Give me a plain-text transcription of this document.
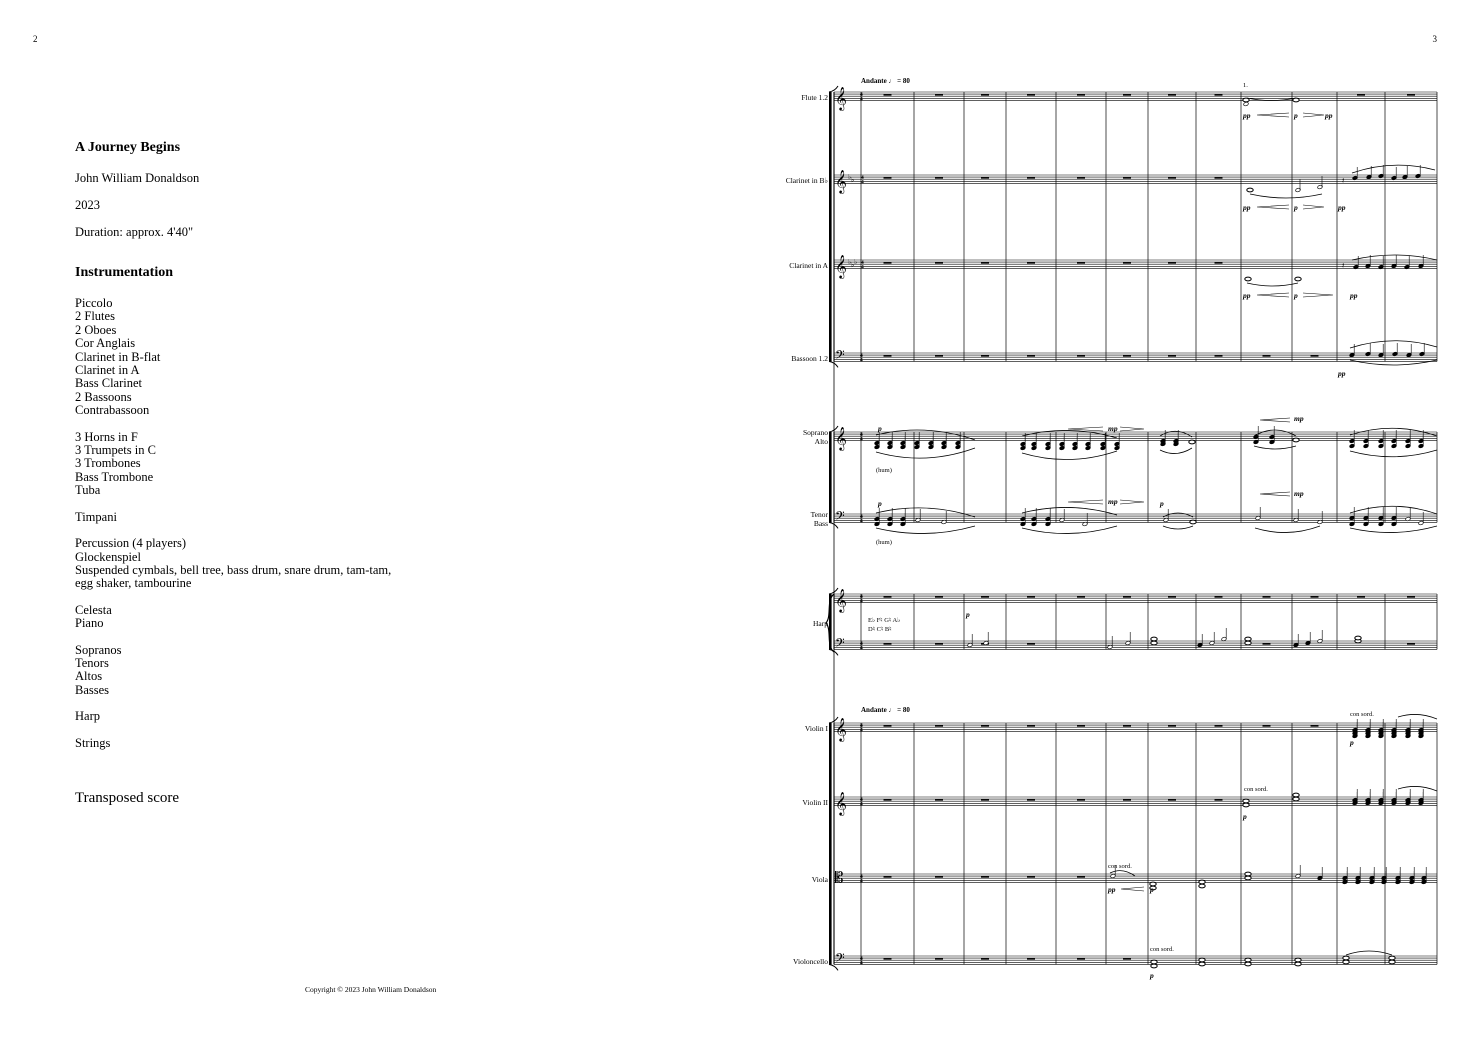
2
A Journey Begins
John William Donaldson
2023
Duration: approx. 4'40"
Instrumentation
Piccolo
2 Flutes
2 Oboes
Cor Anglais
Clarinet in B-flat
Clarinet in A
Bass Clarinet
2 Bassoons
Contrabassoon
3 Horns in F
3 Trumpets in C
3 Trombones
Bass Trombone
Tuba
Timpani
Percussion (4 players)
Glockenspiel
Suspended cymbals, bell tree, bass drum, snare drum, tam-tam,
egg shaker, tambourine
Celesta
Piano
Sopranos
Tenors
Altos
Basses
Harp
Strings
Transposed score
Copyright © 2023 John William Donaldson
3
𝄞
𝄞 ♭ ♭
𝄞 ♭ ♭ ♭
𝄢
𝄞
𝄢
𝄞
𝄢
𝄞
𝄞
𝄡
𝄢
4
4
4
4
4
4
4
4
4
4
4
4
4
4
4
4
4
4
4
4
4
4
4
4
Andante ♩ = 80
Andante ♩ = 80
1.
pp	p	pp
pp	p	pp
𝄽
pp	p	pp
𝄽
pp
p
(hum)
mp
mp
p
(hum)
mp	p
mp
E♭ F♮ G♮ A♭
D♮ C♮ B♮
p
con sord.
p
con sord.
p
con sord.
pp	p
con sord.
p
Flute 1.2
Clarinet in B♭
Clarinet in A
Bassoon 1.2
Soprano
Alto
Tenor
Bass
Harp
Violin I
Violin II
Viola
Violoncello
